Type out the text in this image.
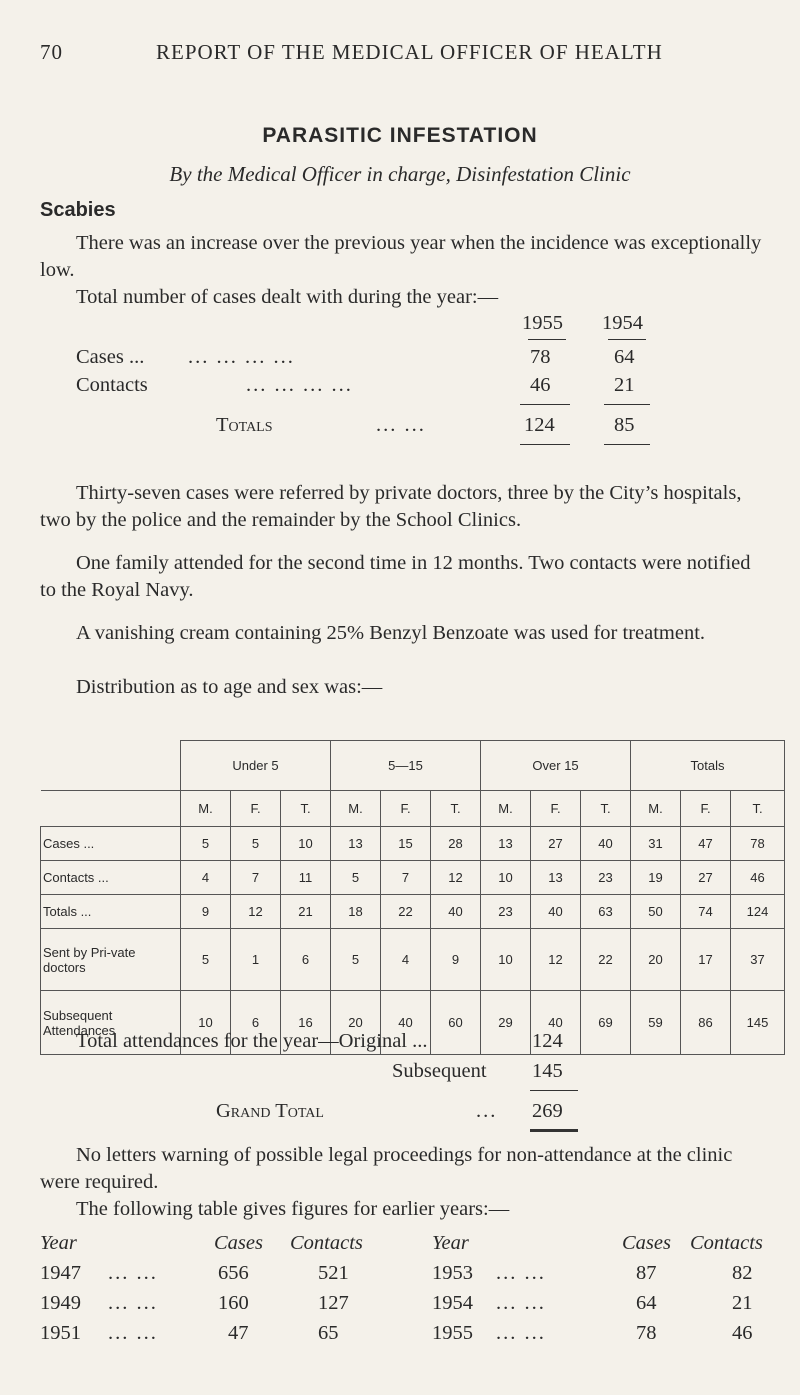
70	REPORT OF THE MEDICAL OFFICER OF HEALTH
PARASITIC INFESTATION
By the Medical Officer in charge, Disinfestation Clinic
Scabies
There was an increase over the previous year when the incidence was exceptionally low.
Total number of cases dealt with during the year:—
1955 1954
Cases ... ... ... ... ...	78	64
Contacts	... ... ... ...	46	21
Totals	... ...	124	85
Thirty-seven cases were referred by private doctors, three by the City’s hospitals, two by the police and the remainder by the School Clinics.
One family attended for the second time in 12 months. Two contacts were notified to the Royal Navy.
A vanishing cream containing 25% Benzyl Benzoate was used for treatment.
Distribution as to age and sex was:—
	Under 5			5—15			Over 15			Totals		
	M.	F.	T.	M.	F.	T.	M.	F.	T.	M.	F.	T.
Cases ...	5	5	10	13	15	28	13	27	40	31	47	78
Contacts ...	4	7	11	5	7	12	10	13	23	19	27	46
Totals ...	9	12	21	18	22	40	23	40	63	50	74	124
Sent by Pri-vate doctors	5	1	6	5	4	9	10	12	22	20	17	37
Subsequent Attendances	10	6	16	20	40	60	29	40	69	59	86	145
Total attendances for the year—Original ...	124
Subsequent 145
Grand Total	... 269
No letters warning of possible legal proceedings for non-attendance at the clinic were required.
The following table gives figures for earlier years:—
Year	Cases Contacts	Year	Cases Contacts
1947 ... ...	656	521	1953 ... ...	87	82
1949 ... ...	160	127	1954 ... ...	64	21
1951 ... ...	47	65	1955 ... ...	78	46
